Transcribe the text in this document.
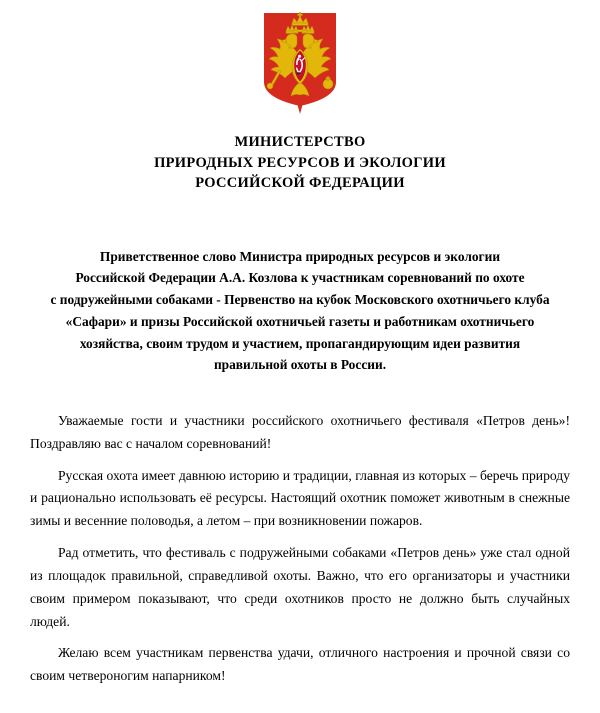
МИНИСТЕРСТВО
ПРИРОДНЫХ РЕСУРСОВ И ЭКОЛОГИИ
РОССИЙСКОЙ ФЕДЕРАЦИИ
Приветственное слово Министра природных ресурсов и экологии
Российской Федерации А.А. Козлова к участникам соревнований по охоте
с подружейными собаками - Первенство на кубок Московского охотничьего клуба
«Сафари» и призы Российской охотничьей газеты и работникам охотничьего
хозяйства, своим трудом и участием, пропагандирующим идеи развития
правильной охоты в России.

Уважаемые гости и участники российского охотничьего фестиваля «Петров день»! Поздравляю вас с началом соревнований!

Русская охота имеет давнюю историю и традиции, главная из которых – беречь природу и рационально использовать её ресурсы. Настоящий охотник поможет животным в снежные зимы и весенние половодья, а летом – при возникновении пожаров.

Рад отметить, что фестиваль с подружейными собаками «Петров день» уже стал одной из площадок правильной, справедливой охоты. Важно, что его организаторы и участники своим примером показывают, что среди охотников просто не должно быть случайных людей.

Желаю всем участникам первенства удачи, отличного настроения и прочной связи со своим четвероногим напарником!
